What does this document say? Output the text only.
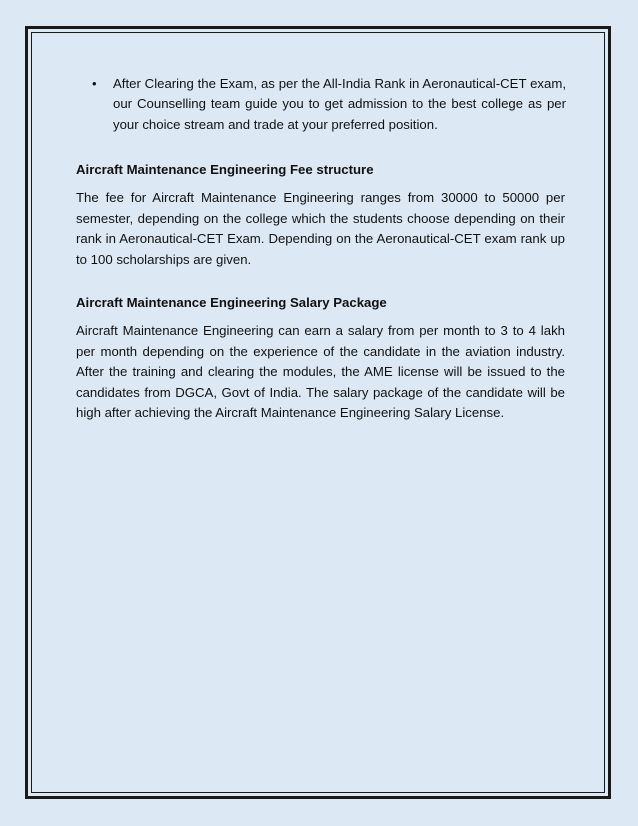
•	After Clearing the Exam, as per the All-India Rank in Aeronautical-CET exam, our Counselling team guide you to get admission to the best college as per your choice stream and trade at your preferred position.
Aircraft Maintenance Engineering Fee structure
The fee for Aircraft Maintenance Engineering ranges from 30000 to 50000 per semester, depending on the college which the students choose depending on their rank in Aeronautical-CET Exam. Depending on the Aeronautical-CET exam rank up to 100 scholarships are given.
Aircraft Maintenance Engineering Salary Package
Aircraft Maintenance Engineering can earn a salary from per month to 3 to 4 lakh per month depending on the experience of the candidate in the aviation industry. After the training and clearing the modules, the AME license will be issued to the candidates from DGCA, Govt of India. The salary package of the candidate will be high after achieving the Aircraft Maintenance Engineering Salary License.
